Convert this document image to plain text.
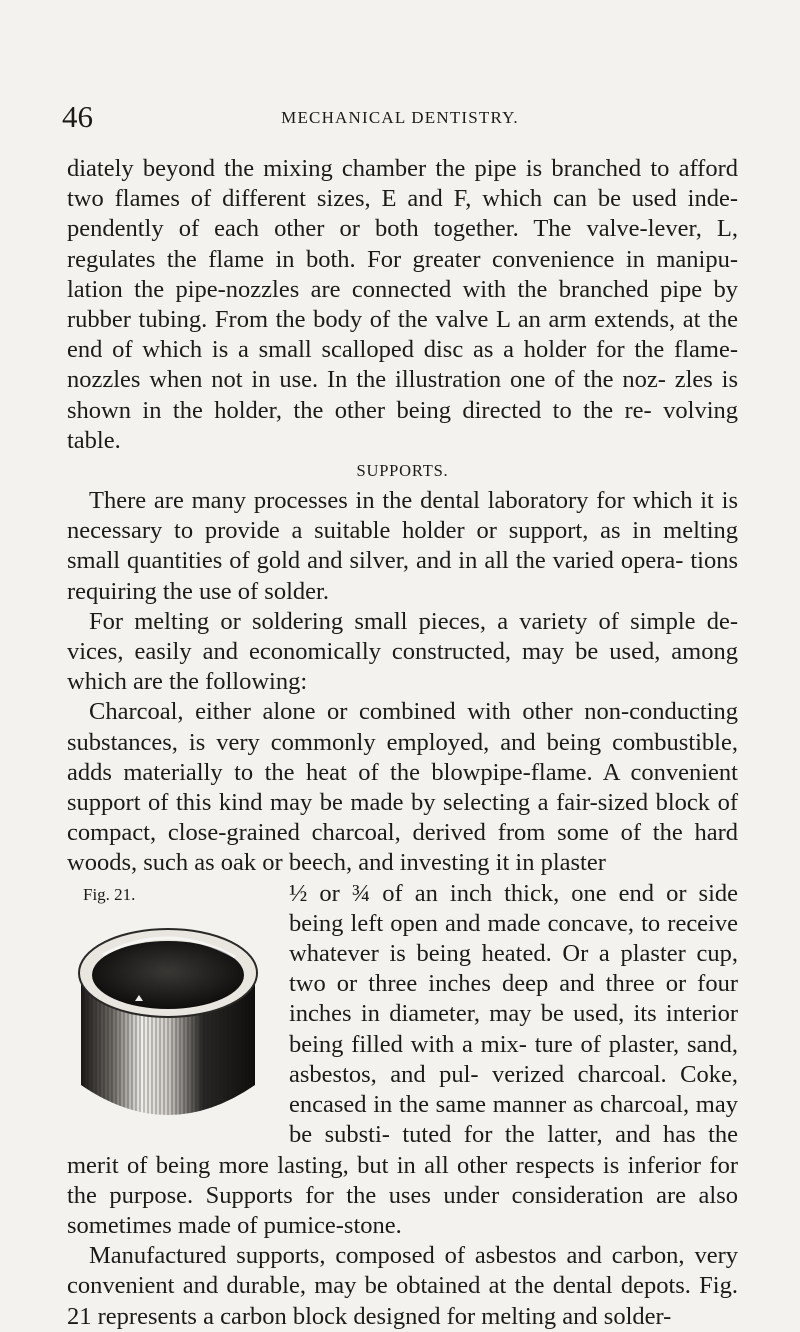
46	MECHANICAL DENTISTRY.

diately beyond the mixing chamber the pipe is branched to afford two flames of different sizes, E and F, which can be used inde- pendently of each other or both together. The valve-lever, L, regulates the flame in both. For greater convenience in manipu- lation the pipe-nozzles are connected with the branched pipe by rubber tubing. From the body of the valve L an arm extends, at the end of which is a small scalloped disc as a holder for the flame-nozzles when not in use. In the illustration one of the noz- zles is shown in the holder, the other being directed to the re- volving table.

SUPPORTS.

There are many processes in the dental laboratory for which it is necessary to provide a suitable holder or support, as in melting small quantities of gold and silver, and in all the varied opera- tions requiring the use of solder.

For melting or soldering small pieces, a variety of simple de- vices, easily and economically constructed, may be used, among which are the following:

Charcoal, either alone or combined with other non-conducting substances, is very commonly employed, and being combustible, adds materially to the heat of the blowpipe-flame. A convenient support of this kind may be made by selecting a fair-sized block of compact, close-grained charcoal, derived from some of the hard woods, such as oak or beech, and investing it in plaster

Fig. 21.	½ or ¾ of an inch thick, one end or side being left open and made concave, to receive whatever is being heated. Or a plaster cup, two or three inches deep and three or four inches in diameter, may be used, its interior being filled with a mix- ture of plaster, sand, asbestos, and pul- verized charcoal. Coke, encased in the same manner as charcoal, may be substi- tuted for the latter, and has the merit of being more lasting, but in all other respects is inferior for the purpose. Supports for the uses under consideration are also sometimes made of pumice-stone.

Manufactured supports, composed of asbestos and carbon, very convenient and durable, may be obtained at the dental depots. Fig. 21 represents a carbon block designed for melting and solder-
